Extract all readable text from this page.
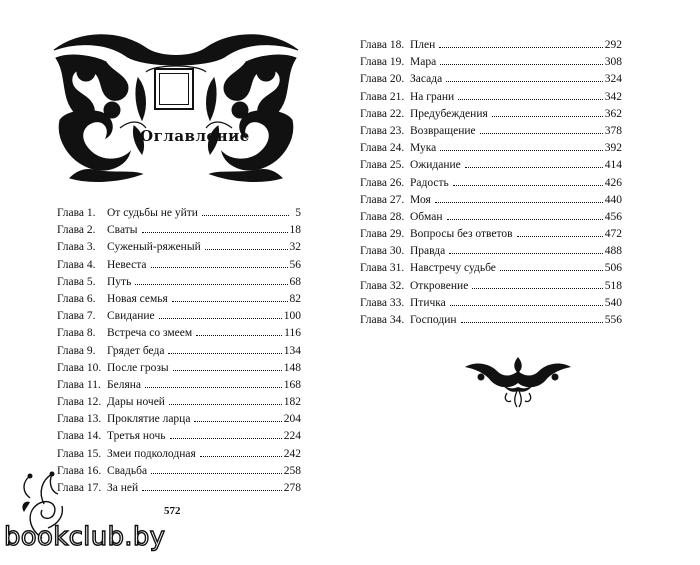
Оглавление
Глава 1. От судьбы не уйти	5
Глава 2. Сваты	18
Глава 3. Суженый-ряженый	32
Глава 4. Невеста	56
Глава 5. Путь	68
Глава 6. Новая семья	82
Глава 7. Свидание	100
Глава 8. Встреча со змеем	116
Глава 9. Грядет беда	134
Глава 10. После грозы	148
Глава 11. Беляна	168
Глава 12. Дары ночей	182
Глава 13. Проклятие ларца	204
Глава 14. Третья ночь	224
Глава 15. Змеи подколодная	242
Глава 16. Свадьба	258
Глава 17. За ней	278
572
bookclub.by
Глава 18. Плен	292
Глава 19. Мара	308
Глава 20. Засада	324
Глава 21. На грани	342
Глава 22. Предубеждения	362
Глава 23. Возвращение	378
Глава 24. Мука	392
Глава 25. Ожидание	414
Глава 26. Радость	426
Глава 27. Моя	440
Глава 28. Обман	456
Глава 29. Вопросы без ответов	472
Глава 30. Правда	488
Глава 31. Навстречу судьбе	506
Глава 32. Откровение	518
Глава 33. Птичка	540
Глава 34. Господин	556
